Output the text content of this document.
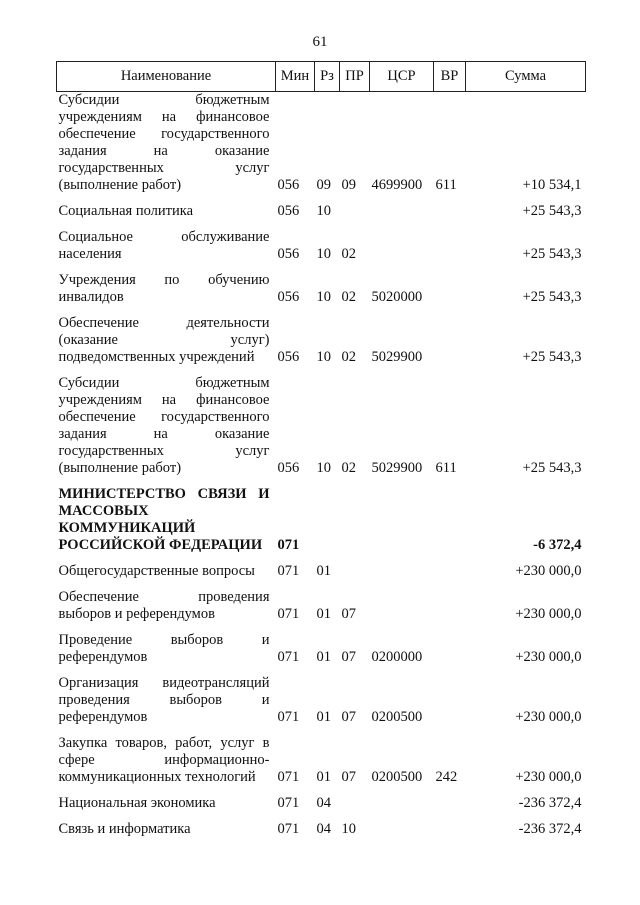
61
Наименование	Мин	Рз	ПР	ЦСР	ВР	Сумма

Субсидии бюджетным учреждениям на финансовое обеспечение государственного задания на оказание государственных услуг (выполнение работ)	056	09	09	4699900	611	+10 534,1

Социальная политика	056	10				+25 543,3

Социальное обслуживание населения	056	10	02			+25 543,3

Учреждения по обучению инвалидов	056	10	02	5020000		+25 543,3

Обеспечение деятельности (оказание услуг) подведомственных учреждений	056	10	02	5029900		+25 543,3

Субсидии бюджетным учреждениям на финансовое обеспечение государственного задания на оказание государственных услуг (выполнение работ)	056	10	02	5029900	611	+25 543,3

МИНИСТЕРСТВО СВЯЗИ И МАССОВЫХ КОММУНИКАЦИЙ РОССИЙСКОЙ ФЕДЕРАЦИИ	071					-6 372,4

Общегосударственные вопросы	071	01				+230 000,0

Обеспечение проведения выборов и референдумов	071	01	07			+230 000,0

Проведение выборов и референдумов	071	01	07	0200000		+230 000,0

Организация видеотрансляций проведения выборов и референдумов	071	01	07	0200500		+230 000,0

Закупка товаров, работ, услуг в сфере информационно-коммуникационных технологий	071	01	07	0200500	242	+230 000,0

Национальная экономика	071	04				-236 372,4

Связь и информатика	071	04	10			-236 372,4
